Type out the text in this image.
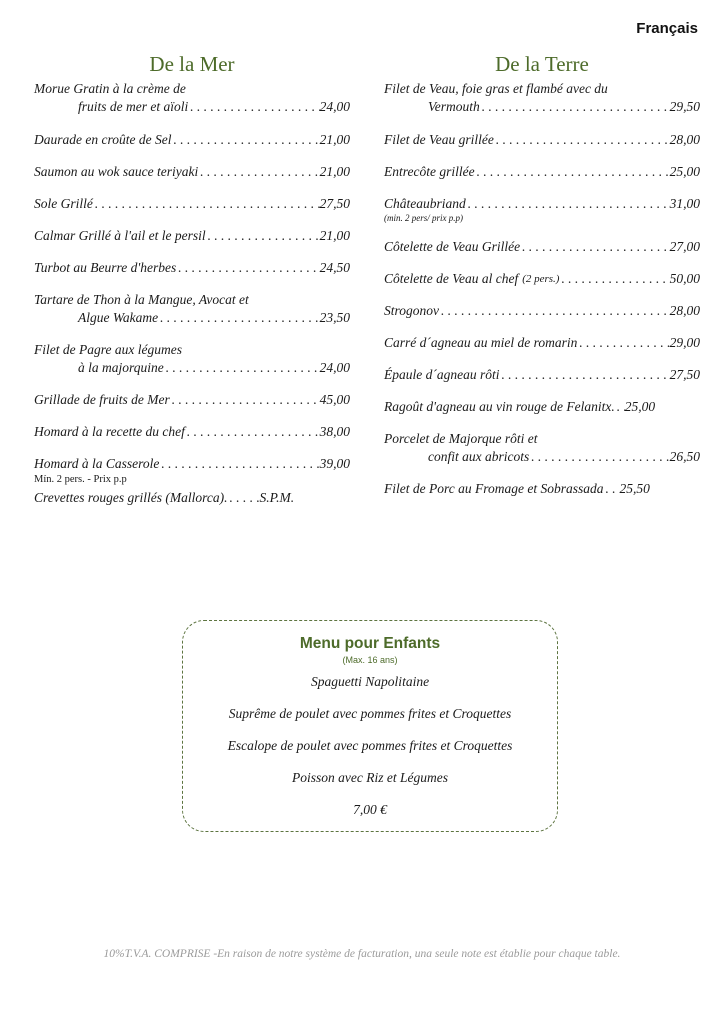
Français
De la Mer
Morue Gratin à la crème de
fruits de mer et aïoli . . .	24,00
Daurade en croûte de Sel . . .	21,00
Saumon au wok sauce teriyaki . . .	21,00
Sole Grillé . . .	27,50
Calmar Grillé à l'ail et le persil . . .	21,00
Turbot au Beurre d'herbes . . .	24,50
Tartare de Thon à la Mangue, Avocat et
Algue Wakame . . .	23,50
Filet de Pagre aux légumes
à la majorquine . . .	24,00
Grillade de fruits de Mer . . .	45,00
Homard à la recette du chef . . .	38,00
Homard à la Casserole . . .	39,00
Mín. 2 pers. - Prix p.p
Crevettes rouges grillés (Mallorca). . . . S.P.M.
De la Terre
Filet de Veau, foie gras et flambé avec du
Vermouth . . .	29,50
Filet de Veau grillée . . .	28,00
Entrecôte grillée . . .	25,00
Châteaubriand . . .	31,00
(min. 2 pers/ prix p.p)
Côtelette de Veau Grillée . . .	27,00
Côtelette de Veau al chef (2 pers.) . . .	50,00
Strogonov . . .	28,00
Carré d´agneau au miel de romarin . . .	29,00
Épaule d´agneau rôti . . .	27,50
Ragoût d'agneau au vin rouge de Felanitx. . . . 25,00
Porcelet de Majorque rôti et
confit aux abricots . . .	26,50
Filet de Porc au Fromage et Sobrassada . . . 25,50
Menu pour Enfants
(Max. 16 ans)
Spaguetti Napolitaine
Suprême de poulet avec pommes frites et Croquettes
Escalope de poulet avec pommes frites et Croquettes
Poisson avec Riz et Légumes
7,00 €
10%T.V.A. COMPRISE -En raison de notre système de facturation, una seule note est établie pour chaque table.
